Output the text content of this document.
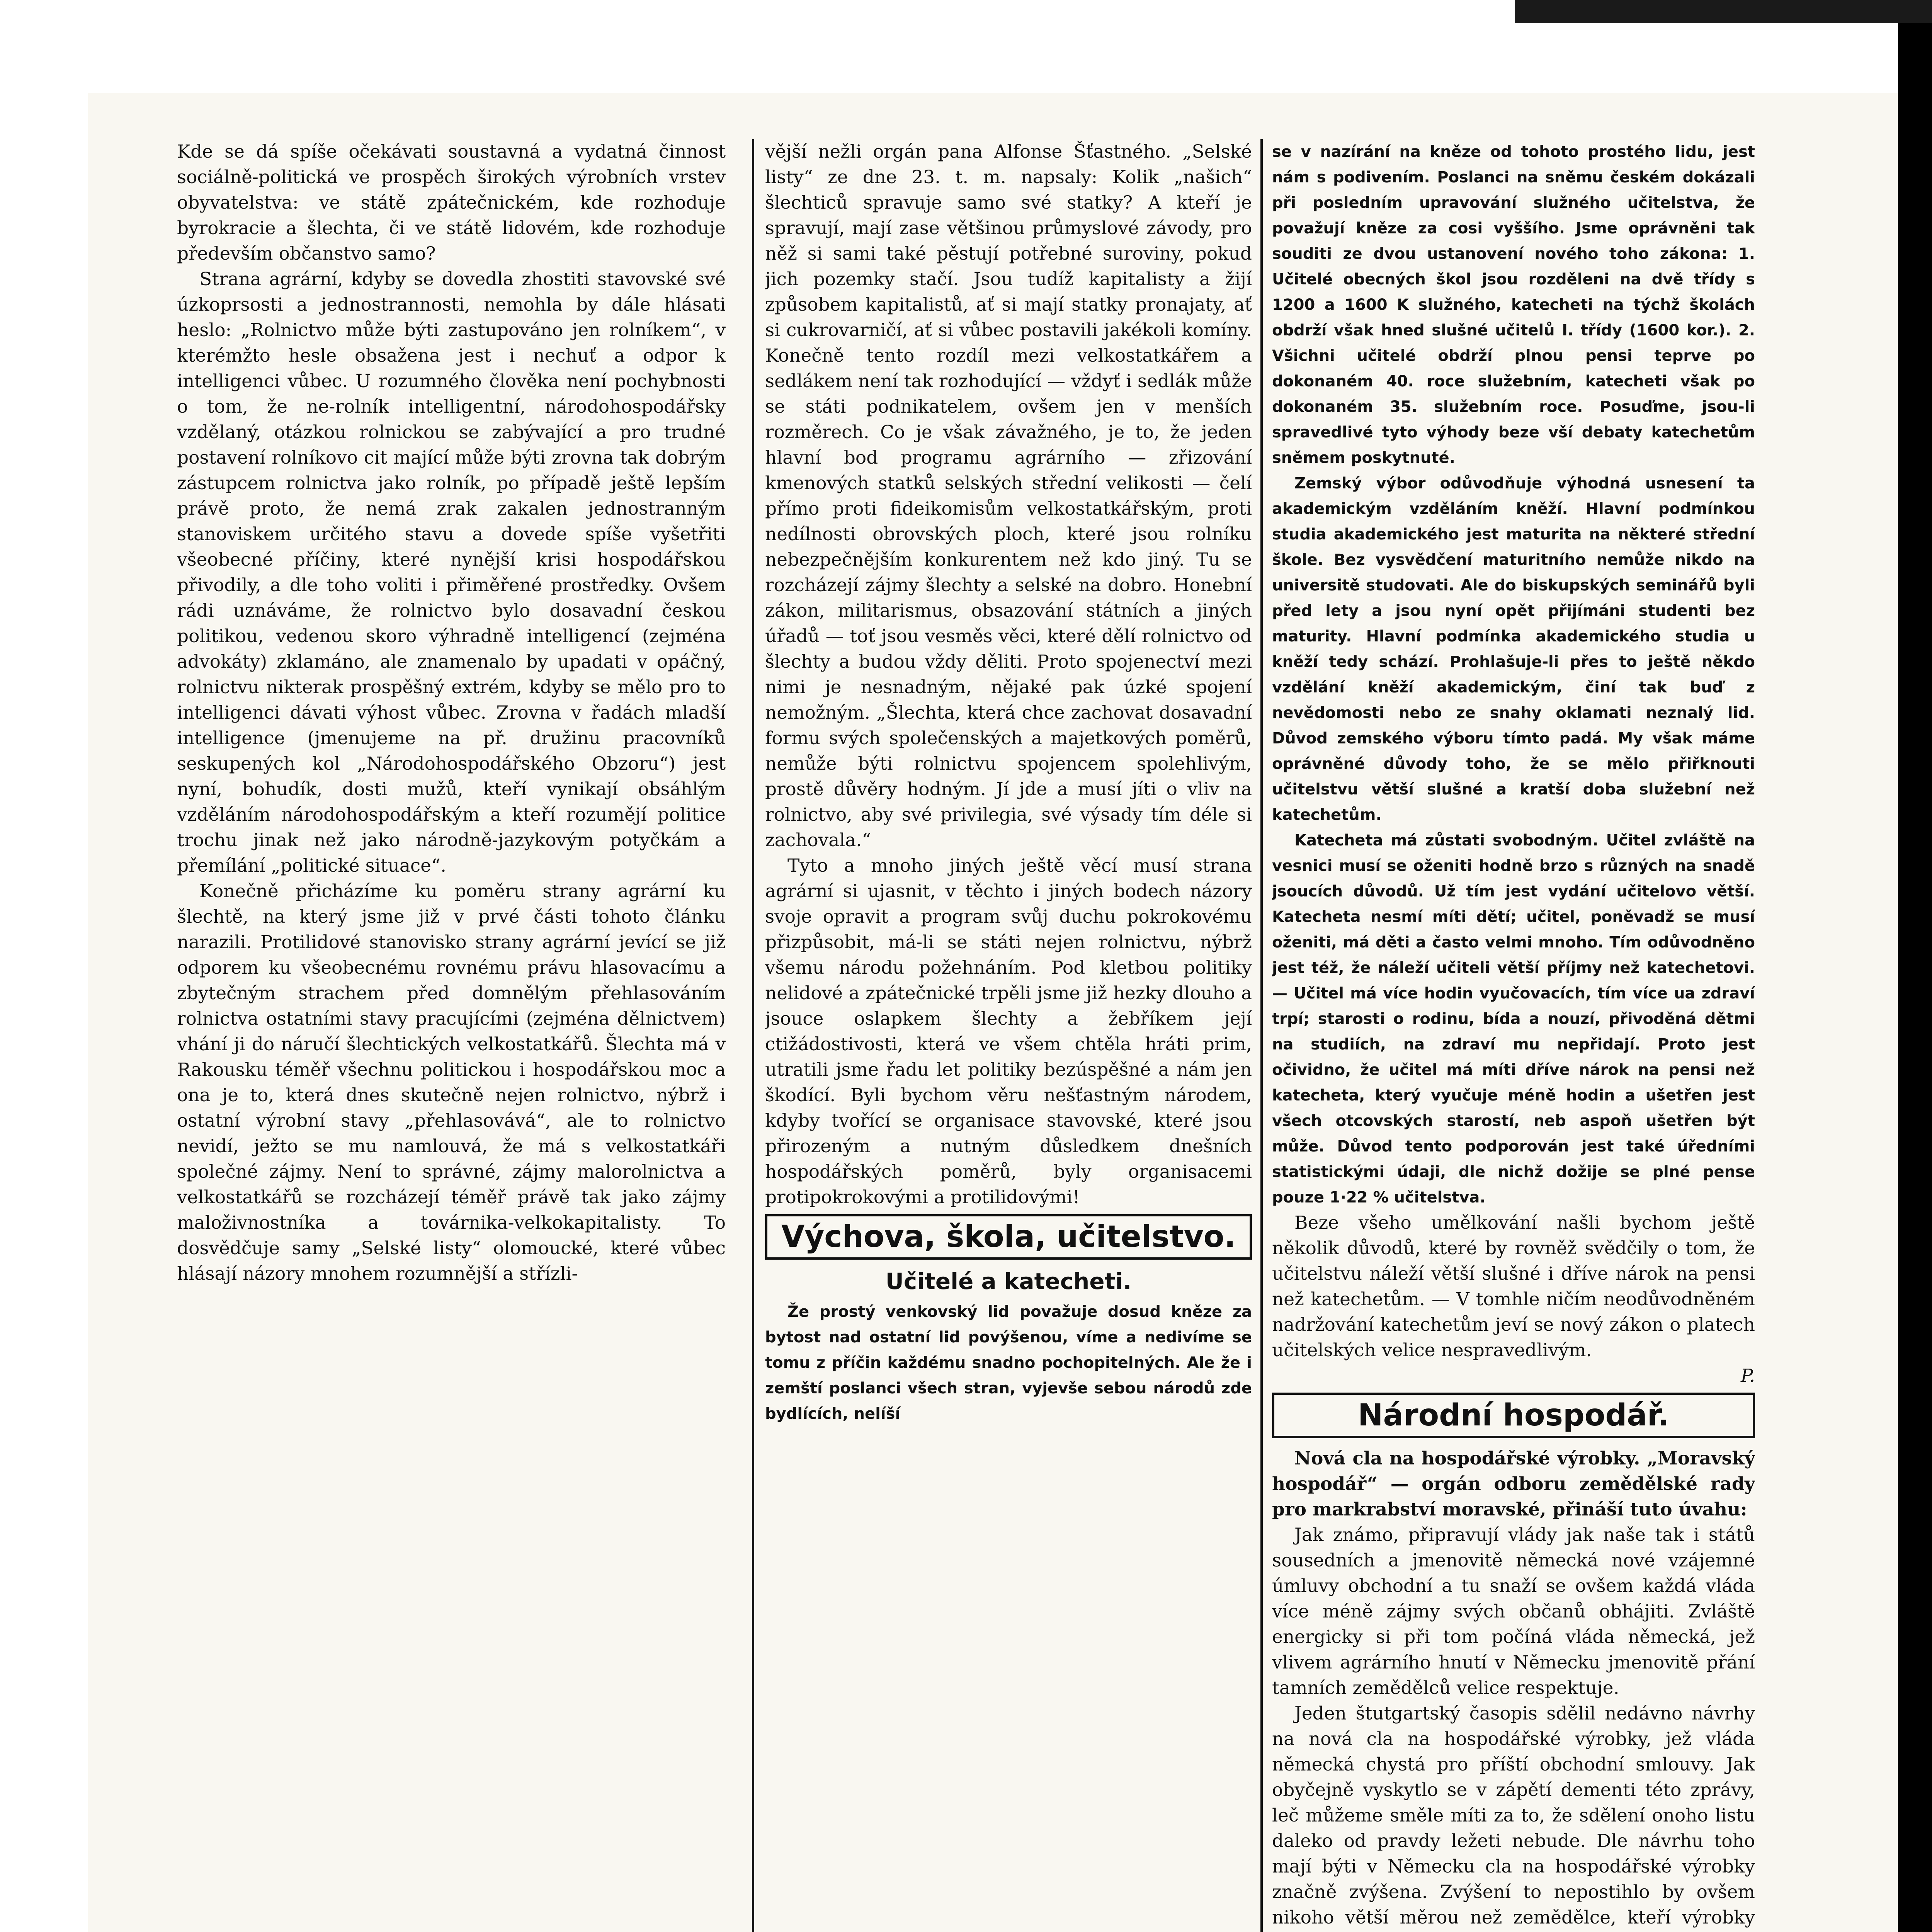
Kde se dá spíše očekávati soustavná a vydatná činnost sociálně-politická ve prospěch širokých výrobních vrstev obyvatelstva: ve státě zpátečnickém, kde rozhoduje byrokracie a šlechta, či ve státě lidovém, kde rozhoduje především občanstvo samo?

Strana agrární, kdyby se dovedla zhostiti stavovské své úzkoprsosti a jednostrannosti, nemohla by dále hlásati heslo: „Rolnictvo může býti zastupováno jen rolníkem“, v kterémžto hesle obsažena jest i nechuť a odpor k intelligenci vůbec. U rozumného člověka není pochybnosti o tom, že ne-rolník intelligentní, národohospodářsky vzdělaný, otázkou rolnickou se zabývající a pro trudné postavení rolníkovo cit mající může býti zrovna tak dobrým zástupcem rolnictva jako rolník, po případě ještě lepším právě proto, že nemá zrak zakalen jednostranným stanoviskem určitého stavu a dovede spíše vyšetřiti všeobecné příčiny, které nynější krisi hospodářskou přivodily, a dle toho voliti i přiměřené prostředky. Ovšem rádi uznáváme, že rolnictvo bylo dosavadní českou politikou, vedenou skoro výhradně intelligencí (zejména advokáty) zklamáno, ale znamenalo by upadati v opáčný, rolnictvu nikterak prospěšný extrém, kdyby se mělo pro to intelligenci dávati výhost vůbec. Zrovna v řadách mladší intelligence (jmenujeme na př. družinu pracovníků seskupených kol „Národohospodářského Obzoru“) jest nyní, bohudík, dosti mužů, kteří vynikají obsáhlým vzděláním národohospodářským a kteří rozumějí politice trochu jinak než jako národně-jazykovým potyčkám a přemílání „politické situace“.

Konečně přicházíme ku poměru strany agrární ku šlechtě, na který jsme již v prvé části tohoto článku narazili. Protilidové stanovisko strany agrární jevící se již odporem ku všeobecnému rovnému právu hlasovacímu a zbytečným strachem před domnělým přehlasováním rolnictva ostatními stavy pracujícími (zejména dělnictvem) vhání ji do náručí šlechtických velkostatkářů. Šlechta má v Rakousku téměř všechnu politickou i hospodářskou moc a ona je to, která dnes skutečně nejen rolnictvo, nýbrž i ostatní výrobní stavy „přehlasovává“, ale to rolnictvo nevidí, ježto se mu namlouvá, že má s velkostatkáři společné zájmy. Není to správné, zájmy malorolnictva a velkostatkářů se rozcházejí téměř právě tak jako zájmy maloživnostníka a továrnika-velkokapitalisty. To dosvědčuje samy „Selské listy“ olomoucké, které vůbec hlásají názory mnohem rozumnější a střízli-

vější nežli orgán pana Alfonse Šťastného. „Selské listy“ ze dne 23. t. m. napsaly: Kolik „našich“ šlechticů spravuje samo své statky? A kteří je spravují, mají zase většinou průmyslové závody, pro něž si sami také pěstují potřebné suroviny, pokud jich pozemky stačí. Jsou tudíž kapitalisty a žijí způsobem kapitalistů, ať si mají statky pronajaty, ať si cukrovarničí, ať si vůbec postavili jakékoli komíny. Konečně tento rozdíl mezi velkostatkářem a sedlákem není tak rozhodující — vždyť i sedlák může se státi podnikatelem, ovšem jen v menších rozměrech. Co je však závažného, je to, že jeden hlavní bod programu agrárního — zřizování kmenových statků selských střední velikosti — čelí přímo proti fideikomisům velkostatkářským, proti nedílnosti obrovských ploch, které jsou rolníku nebezpečnějším konkurentem než kdo jiný. Tu se rozcházejí zájmy šlechty a selské na dobro. Honební zákon, militarismus, obsazování státních a jiných úřadů — toť jsou vesměs věci, které dělí rolnictvo od šlechty a budou vždy děliti. Proto spojenectví mezi nimi je nesnadným, nějaké pak úzké spojení nemožným. „Šlechta, která chce zachovat dosavadní formu svých společenských a majetkových poměrů, nemůže býti rolnictvu spojencem spolehlivým, prostě důvěry hodným. Jí jde a musí jíti o vliv na rolnictvo, aby své privilegia, své výsady tím déle si zachovala.“

Tyto a mnoho jiných ještě věcí musí strana agrární si ujasnit, v těchto i jiných bodech názory svoje opravit a program svůj duchu pokrokovému přizpůsobit, má-li se státi nejen rolnictvu, nýbrž všemu národu požehnáním. Pod kletbou politiky nelidové a zpátečnické trpěli jsme již hezky dlouho a jsouce oslapkem šlechty a žebříkem její ctižádostivosti, která ve všem chtěla hráti prim, utratili jsme řadu let politiky bezúspěšné a nám jen škodící. Byli bychom věru nešťastným národem, kdyby tvořící se organisace stavovské, které jsou přirozeným a nutným důsledkem dnešních hospodářských poměrů, byly organisacemi protipokrokovými a protilidovými!

Výchova, škola, učitelstvo.
Učitelé a katecheti.

Že prostý venkovský lid považuje dosud kněze za bytost nad ostatní lid povýšenou, víme a nedivíme se tomu z příčin každému snadno pochopitelných. Ale že i zemští poslanci všech stran, vyjevše sebou národů zde bydlících, nelíší

se v nazírání na kněze od tohoto prostého lidu, jest nám s podivením. Poslanci na sněmu českém dokázali při posledním upravování služného učitelstva, že považují kněze za cosi vyššího. Jsme oprávněni tak souditi ze dvou ustanovení nového toho zákona: 1. Učitelé obecných škol jsou rozděleni na dvě třídy s 1200 a 1600 K služného, katecheti na týchž školách obdrží však hned slušné učitelů I. třídy (1600 kor.). 2. Všichni učitelé obdrží plnou pensi teprve po dokonaném 40. roce služebním, katecheti však po dokonaném 35. služebním roce. Posuďme, jsou-li spravedlivé tyto výhody beze vší debaty katechetům sněmem poskytnuté.

Zemský výbor odůvodňuje výhodná usnesení ta akademickým vzděláním kněží. Hlavní podmínkou studia akademického jest maturita na některé střední škole. Bez vysvědčení maturitního nemůže nikdo na universitě studovati. Ale do biskupských seminářů byli před lety a jsou nyní opět přijímáni studenti bez maturity. Hlavní podmínka akademického studia u kněží tedy schází. Prohlašuje-li přes to ještě někdo vzdělání kněží akademickým, činí tak buď z nevědomosti nebo ze snahy oklamati neznalý lid. Důvod zemského výboru tímto padá. My však máme oprávněné důvody toho, že se mělo přiřknouti učitelstvu větší slušné a kratší doba služební než katechetům.

Katecheta má zůstati svobodným. Učitel zvláště na vesnici musí se oženiti hodně brzo s různých na snadě jsoucích důvodů. Už tím jest vydání učitelovo větší. Katecheta nesmí míti dětí; učitel, poněvadž se musí oženiti, má děti a často velmi mnoho. Tím odůvodněno jest též, že náleží učiteli větší příjmy než katechetovi. — Učitel má více hodin vyučovacích, tím více ua zdraví trpí; starosti o rodinu, bída a nouzí, přivoděná dětmi na studiích, na zdraví mu nepřidají. Proto jest očividno, že učitel má míti dříve nárok na pensi než katecheta, který vyučuje méně hodin a ušetřen jest všech otcovských starostí, neb aspoň ušetřen být může. Důvod tento podporován jest také úředními statistickými údaji, dle nichž dožije se plné pense pouze 1·22 % učitelstva.

Beze všeho umělkování našli bychom ještě několik důvodů, které by rovněž svědčily o tom, že učitelstvu náleží větší slušné i dříve nárok na pensi než katechetům. — V tomhle ničím neodůvodněném nadržování katechetům jeví se nový zákon o platech učitelských velice nespravedlivým.

P.

Národní hospodář.

Nová cla na hospodářské výrobky. „Moravský hospodář“ — orgán odboru zemědělské rady pro markrabství moravské, přináší tuto úvahu:

Jak známo, připravují vlády jak naše tak i států sousedních a jmenovitě německá nové vzájemné úmluvy obchodní a tu snaží se ovšem každá vláda více méně zájmy svých občanů obhájiti. Zvláště energicky si při tom počíná vláda německá, jež vlivem agrárního hnutí v Německu jmenovitě přání tamních zemědělců velice respektuje.

Jeden štutgartský časopis sdělil nedávno návrhy na nová cla na hospodářské výrobky, jež vláda německá chystá pro příští obchodní smlouvy. Jak obyčejně vyskytlo se v zápětí dementi této zprávy, leč můžeme směle míti za to, že sdělení onoho listu daleko od pravdy ležeti nebude. Dle návrhu toho mají býti v Německu cla na hospodářské výrobky značně zvýšena. Zvýšení to nepostihlo by ovšem nikoho větší měrou než zemědělce, kteří výrobky
